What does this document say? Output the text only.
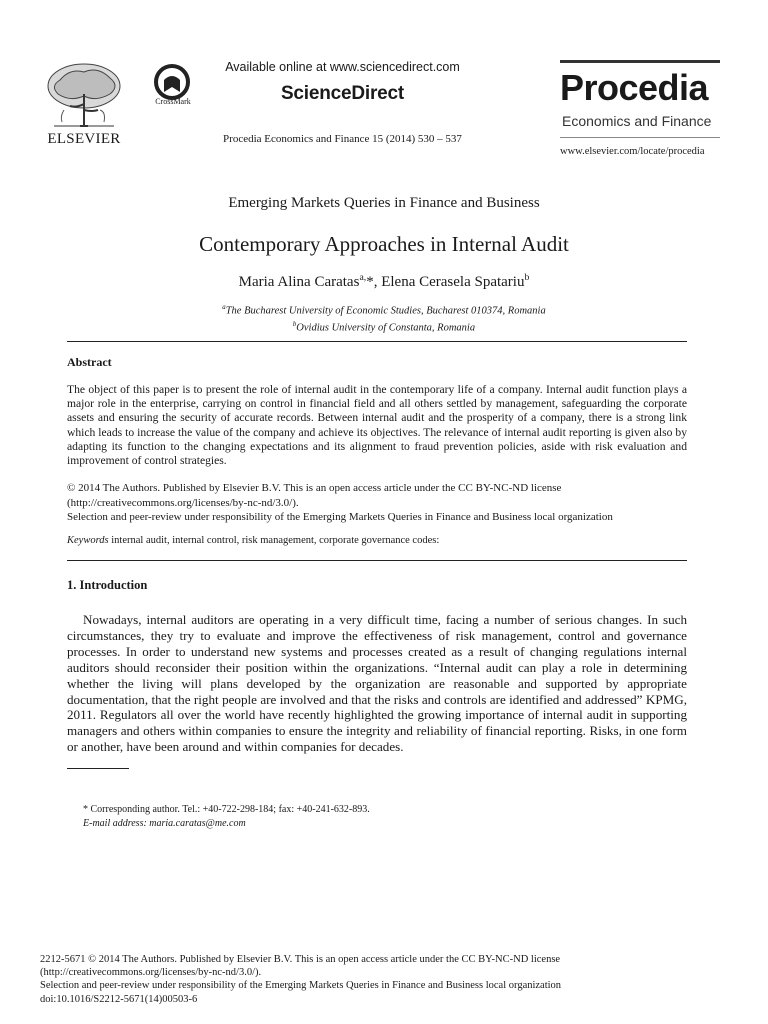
ELSEVIER
CrossMark
Available online at www.sciencedirect.com
ScienceDirect
Procedia Economics and Finance 15 (2014) 530 – 537
Procedia
Economics and Finance
www.elsevier.com/locate/procedia
Emerging Markets Queries in Finance and Business
Contemporary Approaches in Internal Audit
Maria Alina Caratas$^{a,}$*, Elena Cerasela Spatariu$^b$
$^a$The Bucharest University of Economic Studies, Bucharest 010374, Romania
$^b$Ovidius University of Constanta, Romania
Abstract
The object of this paper is to present the role of internal audit in the contemporary life of a company. Internal audit function plays a major role in the enterprise, carrying on control in financial field and all others settled by management, safeguarding the corporate assets and ensuring the security of accurate records. Between internal audit and the prosperity of a company, there is a strong link which leads to increase the value of the company and achieve its objectives. The relevance of internal audit reporting is given also by adapting its function to the changing expectations and its alignment to fraud prevention policies, aside with risk evaluation and improvement of control strategies.
© 2014 The Authors. Published by Elsevier B.V. This is an open access article under the CC BY-NC-ND license
(http://creativecommons.org/licenses/by-nc-nd/3.0/).
Selection and peer-review under responsibility of the Emerging Markets Queries in Finance and Business local organization
Keywords internal audit, internal control, risk management, corporate governance codes:
1. Introduction
Nowadays, internal auditors are operating in a very difficult time, facing a number of serious changes. In such circumstances, they try to evaluate and improve the effectiveness of risk management, control and governance processes. In order to understand new systems and processes created as a result of changing regulations internal auditors should reconsider their position within the organizations. “Internal audit can play a role in determining whether the living will plans developed by the organization are reasonable and supported by appropriate documentation, that the right people are involved and that the risks and controls are identified and addressed” KPMG, 2011. Regulators all over the world have recently highlighted the growing importance of internal audit in supporting managers and others within companies to ensure the integrity and reliability of financial reporting. Risks, in one form or another, have been around and within companies for decades.
* Corresponding author. Tel.: +40-722-298-184; fax: +40-241-632-893.
E-mail address: maria.caratas@me.com
2212-5671 © 2014 The Authors. Published by Elsevier B.V. This is an open access article under the CC BY-NC-ND license
(http://creativecommons.org/licenses/by-nc-nd/3.0/).
Selection and peer-review under responsibility of the Emerging Markets Queries in Finance and Business local organization
doi:10.1016/S2212-5671(14)00503-6
